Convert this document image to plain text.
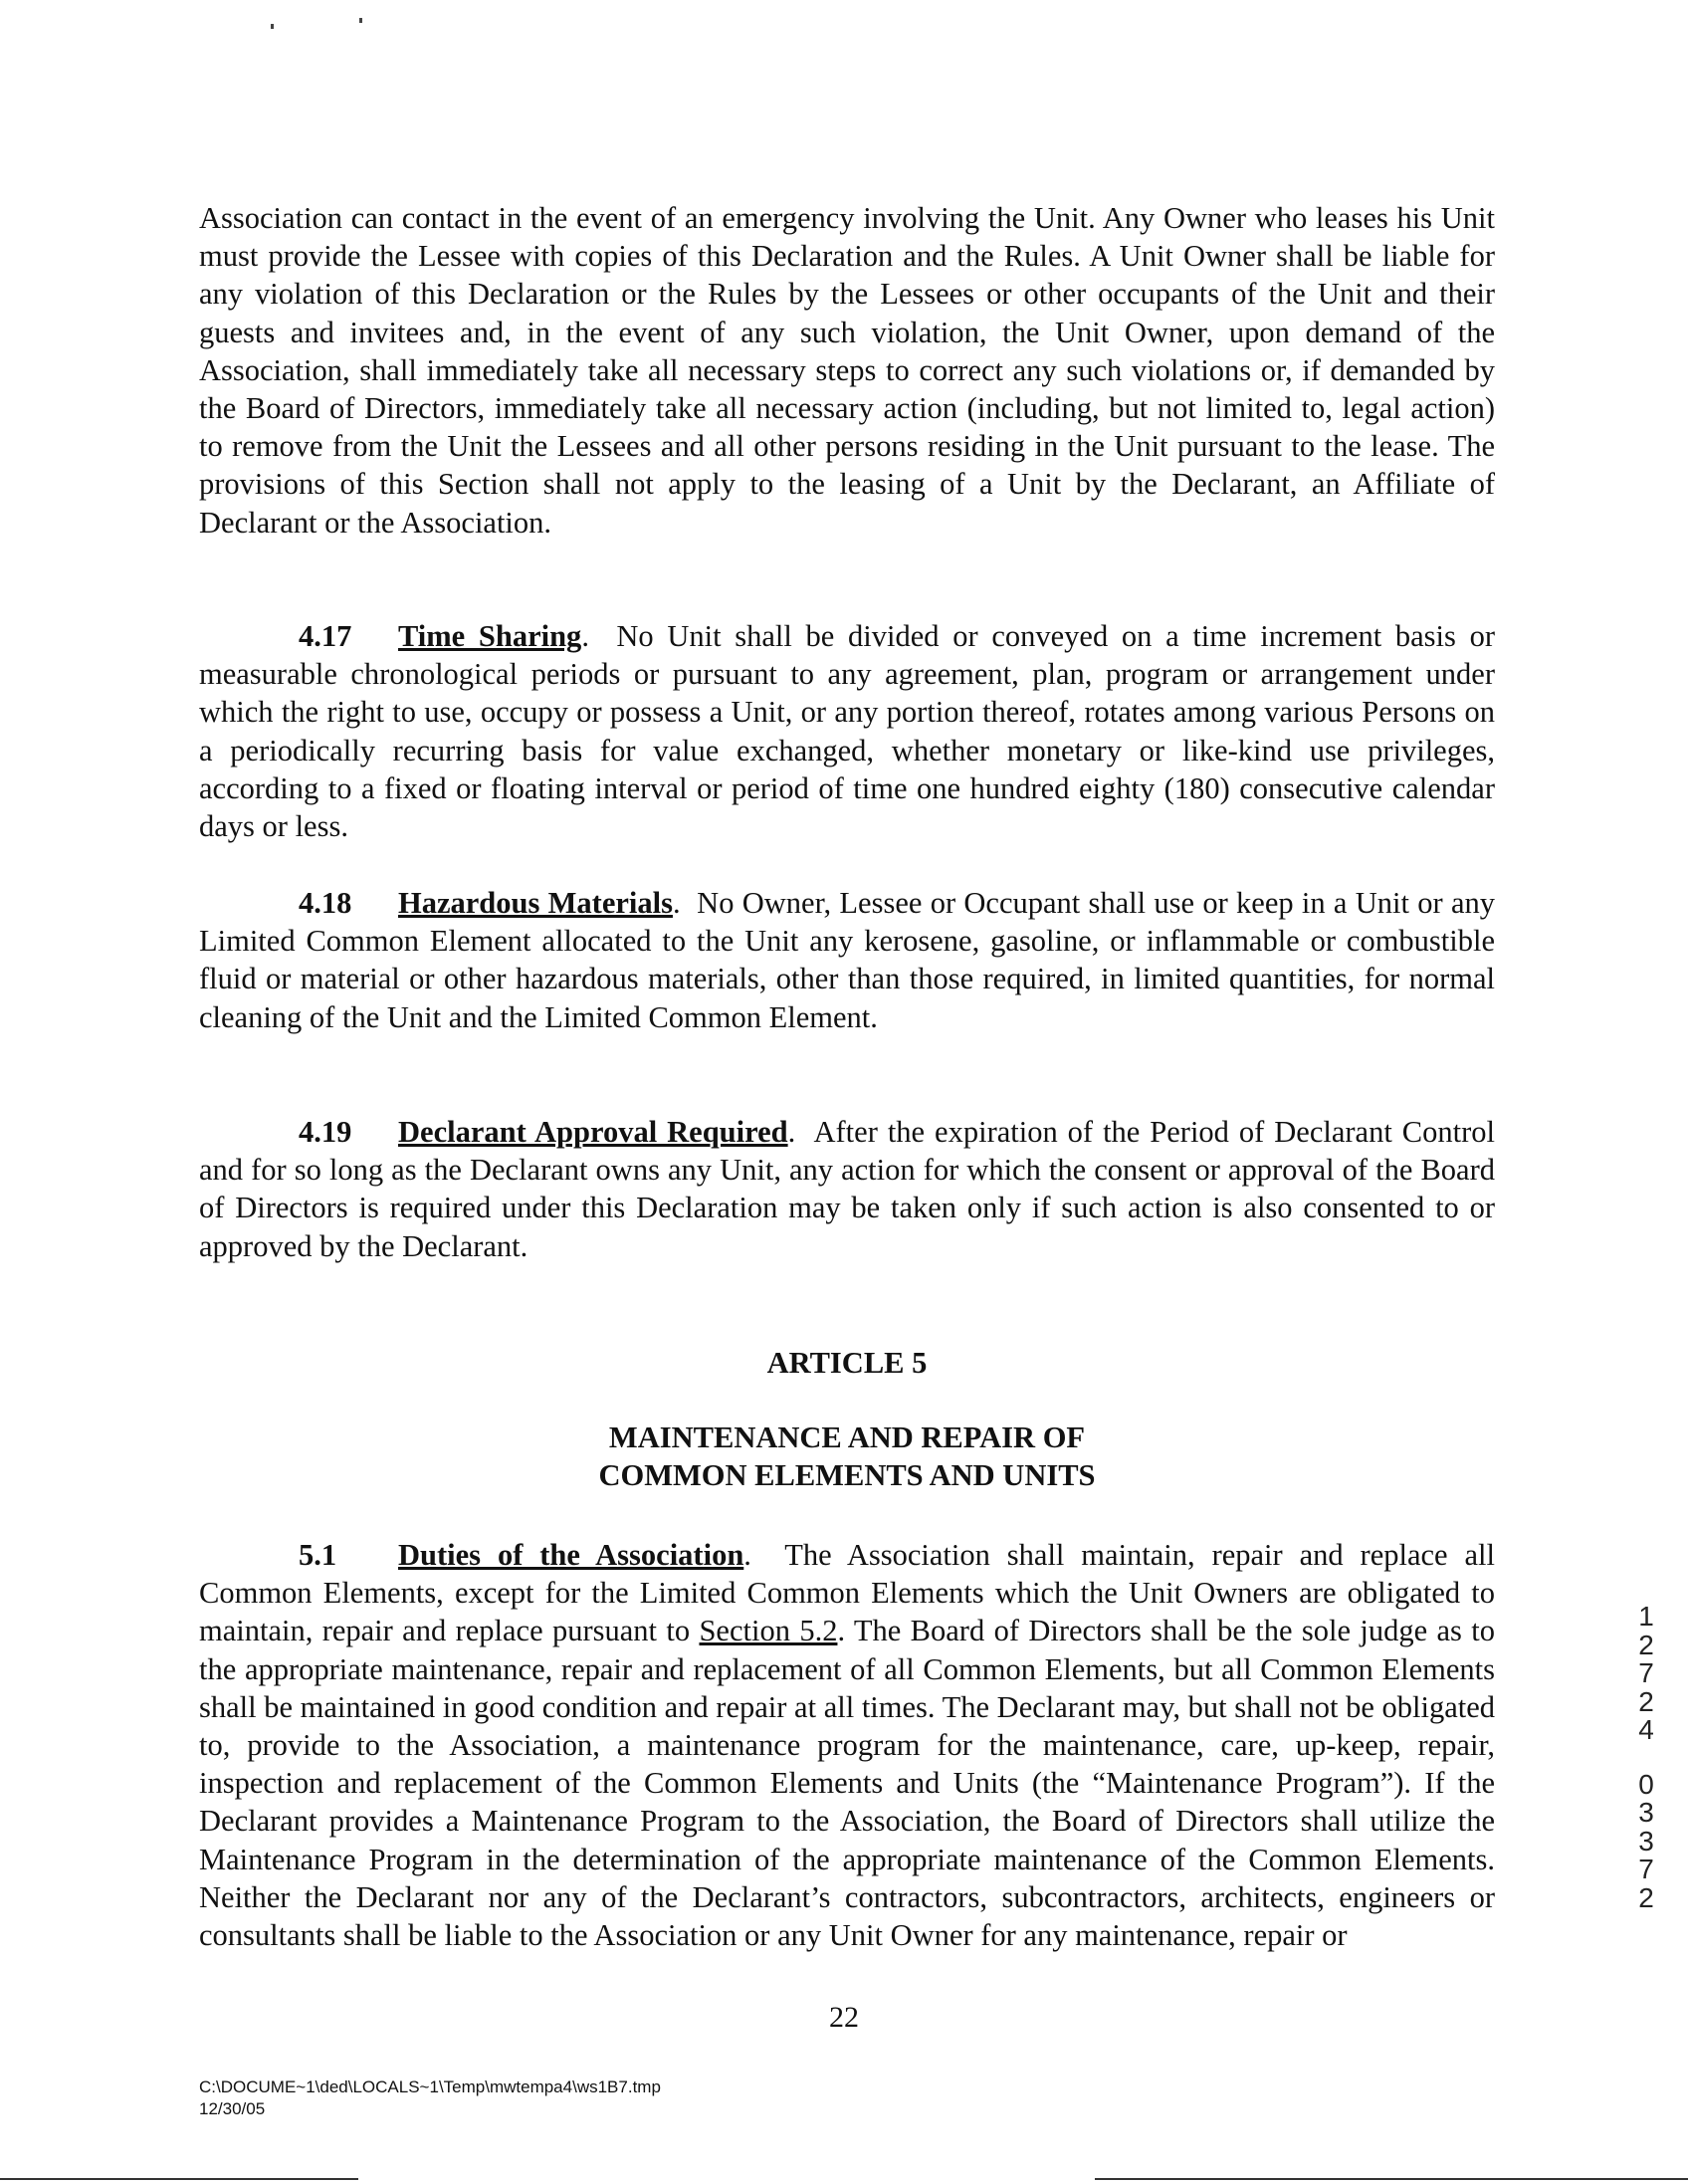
Association can contact in the event of an emergency involving the Unit. Any Owner who leases his Unit must provide the Lessee with copies of this Declaration and the Rules. A Unit Owner shall be liable for any violation of this Declaration or the Rules by the Lessees or other occupants of the Unit and their guests and invitees and, in the event of any such violation, the Unit Owner, upon demand of the Association, shall immediately take all necessary steps to correct any such violations or, if demanded by the Board of Directors, immediately take all necessary action (including, but not limited to, legal action) to remove from the Unit the Lessees and all other persons residing in the Unit pursuant to the lease. The provisions of this Section shall not apply to the leasing of a Unit by the Declarant, an Affiliate of Declarant or the Association.

4.17 Time Sharing.  No Unit shall be divided or conveyed on a time increment basis or measurable chronological periods or pursuant to any agreement, plan, program or arrangement under which the right to use, occupy or possess a Unit, or any portion thereof, rotates among various Persons on a periodically recurring basis for value exchanged, whether monetary or like-kind use privileges, according to a fixed or floating interval or period of time one hundred eighty (180) consecutive calendar days or less.

4.18 Hazardous Materials.  No Owner, Lessee or Occupant shall use or keep in a Unit or any Limited Common Element allocated to the Unit any kerosene, gasoline, or inflammable or combustible fluid or material or other hazardous materials, other than those required, in limited quantities, for normal cleaning of the Unit and the Limited Common Element.

4.19 Declarant Approval Required.  After the expiration of the Period of Declarant Control and for so long as the Declarant owns any Unit, any action for which the consent or approval of the Board of Directors is required under this Declaration may be taken only if such action is also consented to or approved by the Declarant.

ARTICLE 5

MAINTENANCE AND REPAIR OF

COMMON ELEMENTS AND UNITS

5.1 Duties of the Association.  The Association shall maintain, repair and replace all Common Elements, except for the Limited Common Elements which the Unit Owners are obligated to maintain, repair and replace pursuant to Section 5.2. The Board of Directors shall be the sole judge as to the appropriate maintenance, repair and replacement of all Common Elements, but all Common Elements shall be maintained in good condition and repair at all times. The Declarant may, but shall not be obligated to, provide to the Association, a maintenance program for the maintenance, care, up-keep, repair, inspection and replacement of the Common Elements and Units (the “Maintenance Program”). If the Declarant provides a Maintenance Program to the Association, the Board of Directors shall utilize the Maintenance Program in the determination of the appropriate maintenance of the Common Elements. Neither the Declarant nor any of the Declarant’s contractors, subcontractors, architects, engineers or consultants shall be liable to the Association or any Unit Owner for any maintenance, repair or

22
C:\DOCUME~1\ded\LOCALS~1\Temp\mwtempa4\ws1B7.tmp
12/30/05
1
2
7
2
4
0
3
3
7
2
